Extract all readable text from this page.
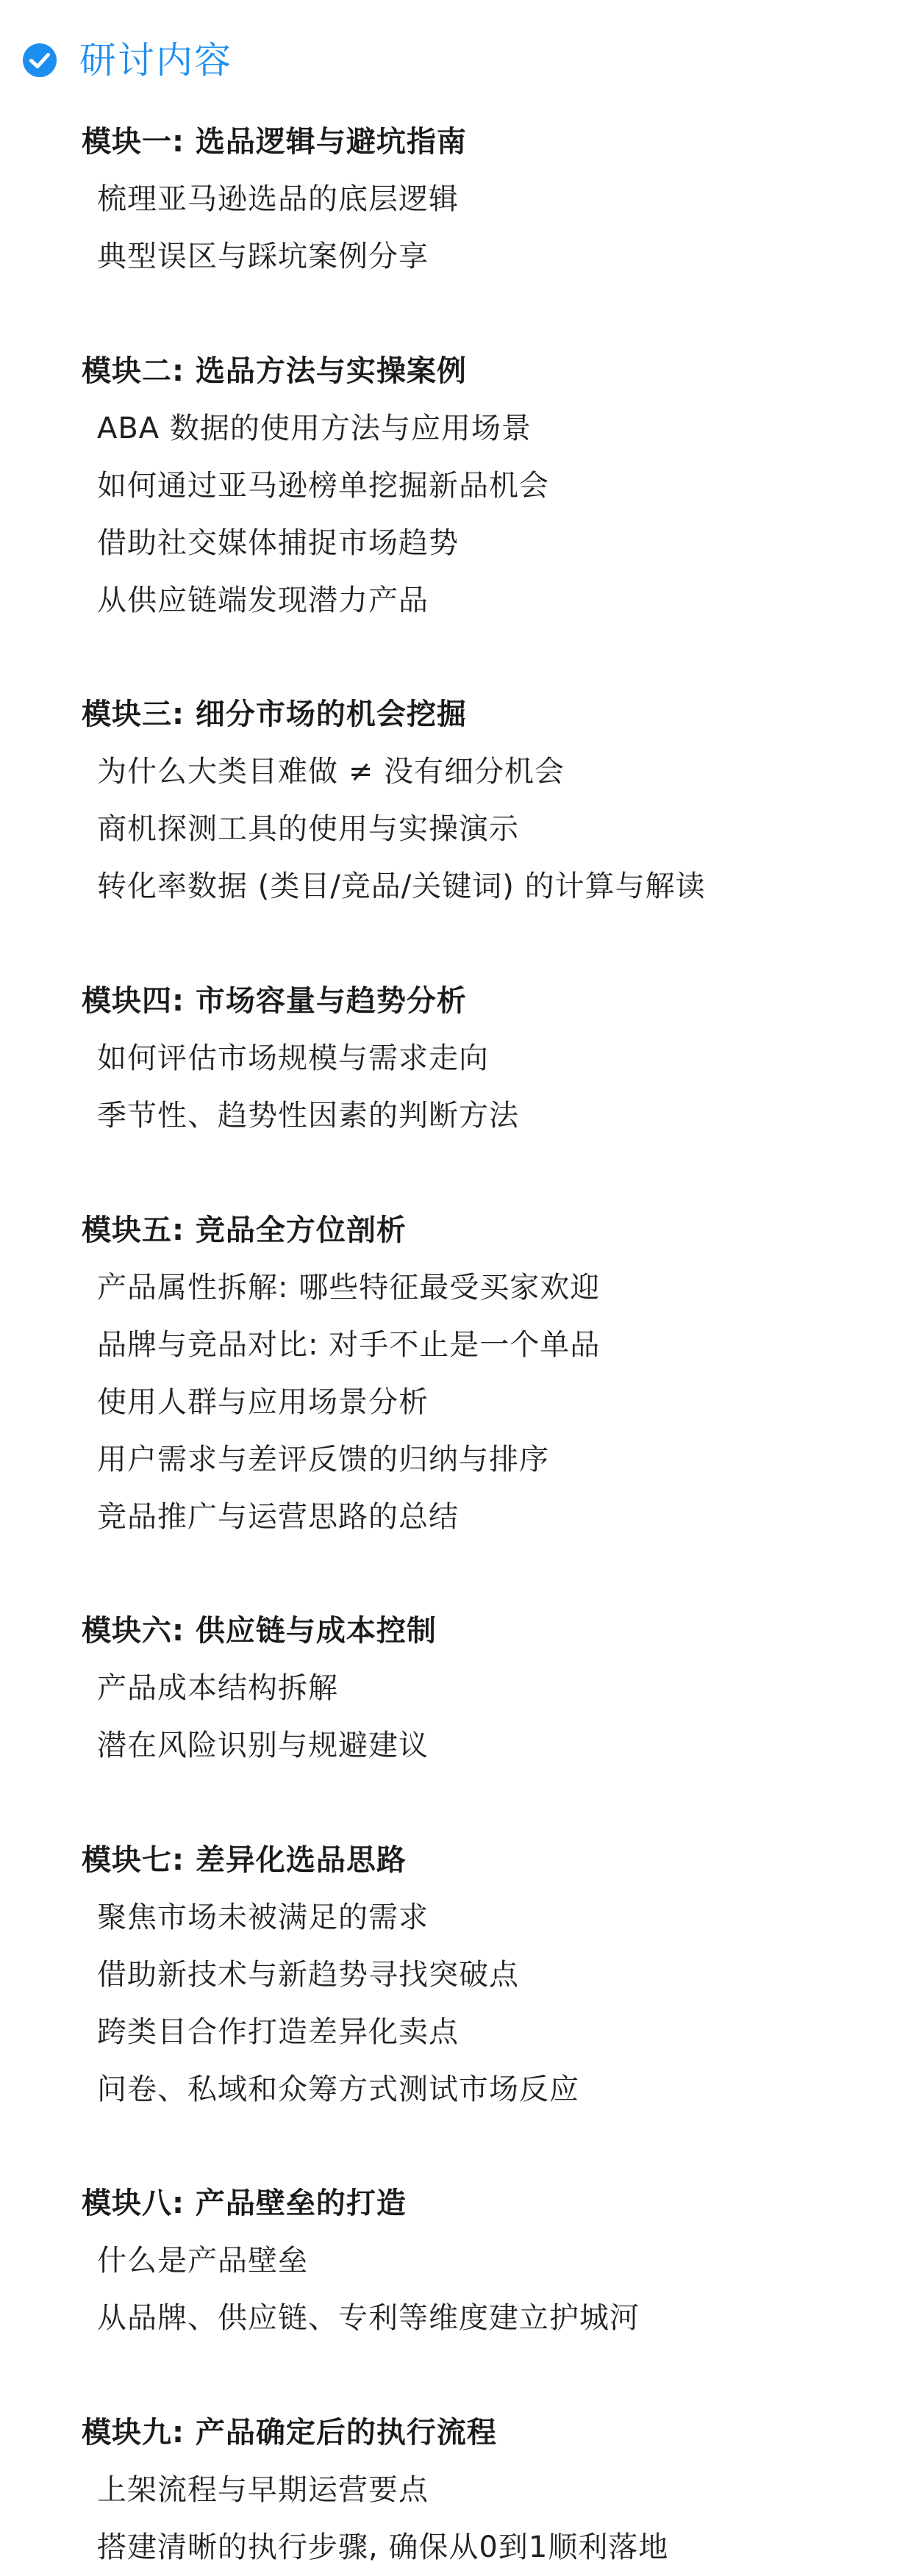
研讨内容
模块一: 选品逻辑与避坑指南
梳理亚马逊选品的底层逻辑
典型误区与踩坑案例分享
模块二: 选品方法与实操案例
ABA 数据的使用方法与应用场景
如何通过亚马逊榜单挖掘新品机会
借助社交媒体捕捉市场趋势
从供应链端发现潜力产品
模块三: 细分市场的机会挖掘
为什么大类目难做 ≠ 没有细分机会
商机探测工具的使用与实操演示
转化率数据 (类目/竞品/关键词) 的计算与解读
模块四: 市场容量与趋势分析
如何评估市场规模与需求走向
季节性、趋势性因素的判断方法
模块五: 竞品全方位剖析
产品属性拆解: 哪些特征最受买家欢迎
品牌与竞品对比: 对手不止是一个单品
使用人群与应用场景分析
用户需求与差评反馈的归纳与排序
竞品推广与运营思路的总结
模块六: 供应链与成本控制
产品成本结构拆解
潜在风险识别与规避建议
模块七: 差异化选品思路
聚焦市场未被满足的需求
借助新技术与新趋势寻找突破点
跨类目合作打造差异化卖点
问卷、私域和众筹方式测试市场反应
模块八: 产品壁垒的打造
什么是产品壁垒
从品牌、供应链、专利等维度建立护城河
模块九: 产品确定后的执行流程
上架流程与早期运营要点
搭建清晰的执行步骤, 确保从0到1顺利落地
